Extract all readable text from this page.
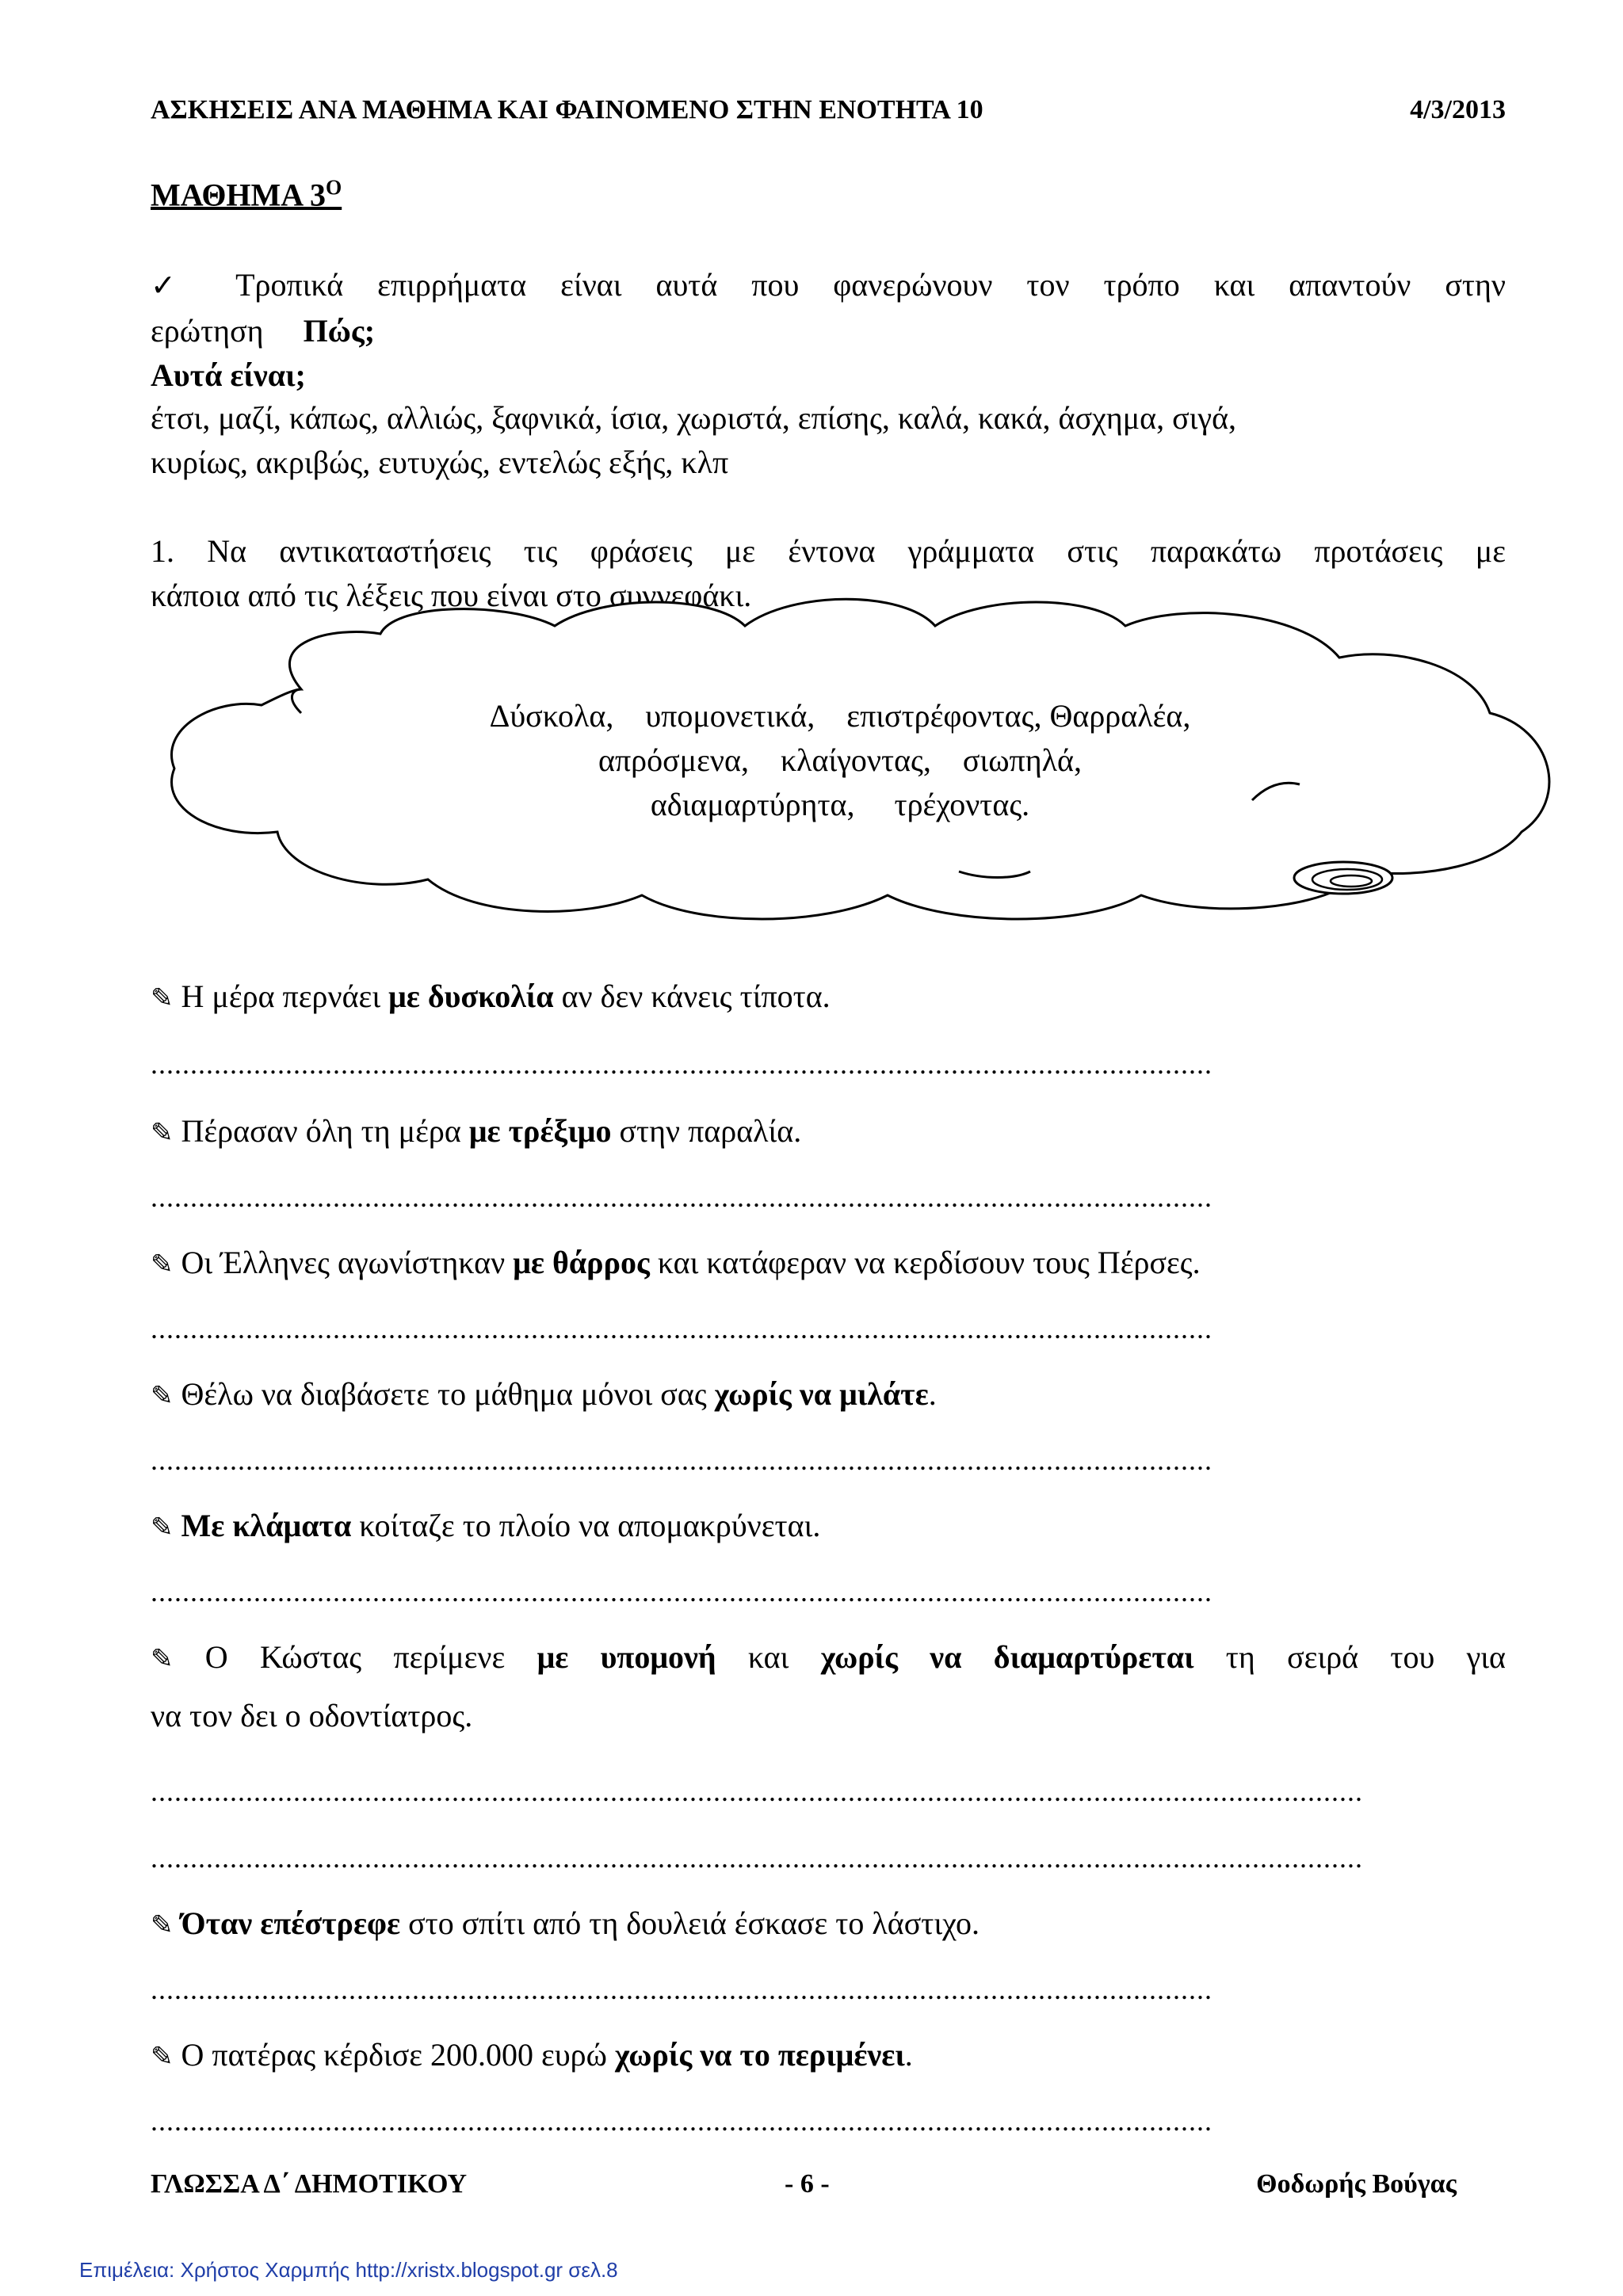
ΑΣΚΗΣΕΙΣ ΑΝΑ ΜΑΘΗΜΑ ΚΑΙ ΦΑΙΝΟΜΕΝΟ ΣΤΗΝ ΕΝΟΤΗΤΑ 10	4/3/2013
ΜΑΘΗΜΑ $3^O$
✓ Τροπικά επιρρήματα είναι αυτά που φανερώνουν τον τρόπο και απαντούν στην
ερώτηση Πώς;
Αυτά είναι;
έτσι, μαζί, κάπως, αλλιώς, ξαφνικά, ίσια, χωριστά, επίσης, καλά, κακά, άσχημα, σιγά,
κυρίως, ακριβώς, ευτυχώς, εντελώς εξής, κλπ
1. Να αντικαταστήσεις τις φράσεις με έντονα γράμματα στις παρακάτω προτάσεις με
κάποια από τις λέξεις που είναι στο συννεφάκι.
Δύσκολα,    υπομονετικά,    επιστρέφοντας, Θαρραλέα,
απρόσμενα,    κλαίγοντας,    σιωπηλά,
αδιαμαρτύρητα,     τρέχοντας.
✎ Η μέρα περνάει με δυσκολία αν δεν κάνεις τίποτα.
......................................................................................................................................
✎ Πέρασαν όλη τη μέρα με τρέξιμο στην παραλία.
......................................................................................................................................
✎ Οι Έλληνες αγωνίστηκαν με θάρρος και κατάφεραν να κερδίσουν τους Πέρσες.
......................................................................................................................................
✎ Θέλω να διαβάσετε το μάθημα μόνοι σας χωρίς να μιλάτε.
......................................................................................................................................
✎ Με κλάματα κοίταζε το πλοίο να απομακρύνεται.
......................................................................................................................................
✎ Ο Κώστας περίμενε με υπομονή και χωρίς να διαμαρτύρεται τη σειρά του για
να τον δει ο οδοντίατρος.
.........................................................................................................................................................
.........................................................................................................................................................
✎ Όταν επέστρεφε στο σπίτι από τη δουλειά έσκασε το λάστιχο.
......................................................................................................................................
✎ Ο πατέρας κέρδισε 200.000 ευρώ χωρίς να το περιμένει.
......................................................................................................................................
ΓΛΩΣΣΑ Δ΄ ΔΗΜΟΤΙΚΟΥ	- 6 -	Θοδωρής Βούγας
Επιμέλεια: Χρήστος Χαρμπής http://xristx.blogspot.gr σελ.8
